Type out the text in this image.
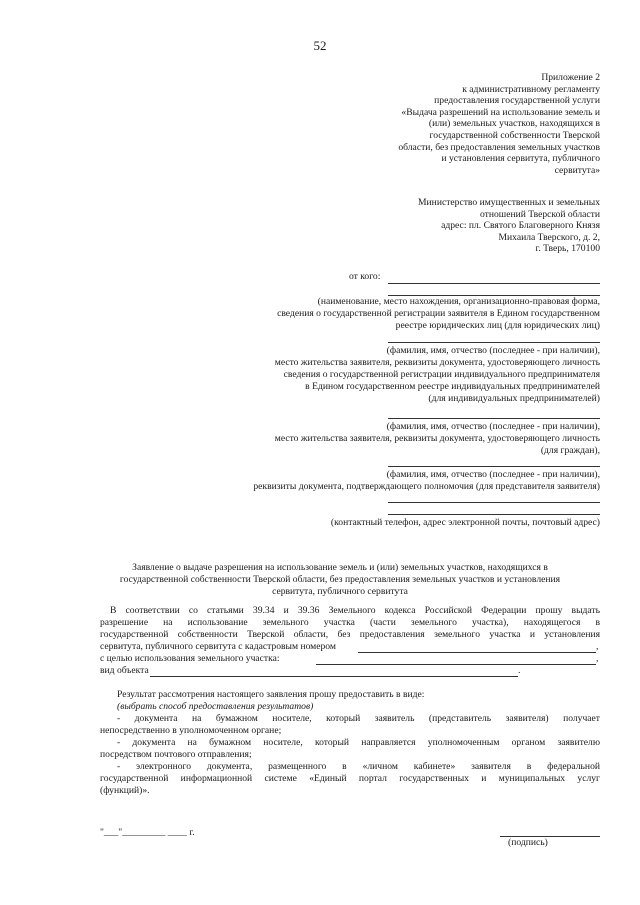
52
Приложение 2
к административному регламенту
предоставления государственной услуги
«Выдача разрешений на использование земель и
(или) земельных участков, находящихся в
государственной собственности Тверской
области, без предоставления земельных участков
и установления сервитута, публичного
сервитута»
Министерство имущественных и земельных
отношений Тверской области
адрес: пл. Святого Благоверного Князя
Михаила Тверского, д. 2,
г. Тверь, 170100
от кого:
(наименование, место нахождения, организационно-правовая форма,
сведения о государственной регистрации заявителя в Едином государственном
реестре юридических лиц (для юридических лиц)
(фамилия, имя, отчество (последнее - при наличии),
место жительства заявителя, реквизиты документа, удостоверяющего личность
сведения о государственной регистрации индивидуального предпринимателя
в Едином государственном реестре индивидуальных предпринимателей
(для индивидуальных предпринимателей)
(фамилия, имя, отчество (последнее - при наличии),
место жительства заявителя, реквизиты документа, удостоверяющего личность
(для граждан),
(фамилия, имя, отчество (последнее - при наличии),
реквизиты документа, подтверждающего полномочия (для представителя заявителя)
(контактный телефон, адрес электронной почты, почтовый адрес)
Заявление о выдаче разрешения на использование земель и (или) земельных участков, находящихся в
государственной собственности Тверской области, без предоставления земельных участков и установления
сервитута, публичного сервитута
В соответствии со статьями 39.34 и 39.36 Земельного кодекса Российской Федерации прошу выдать
разрешение на использование земельного участка (части земельного участка), находящегося в
государственной собственности Тверской области, без предоставления земельного участка и установления
сервитута, публичного сервитута с кадастровым номером	,
с целью использования земельного участка:	,
вид объекта	.
Результат рассмотрения настоящего заявления прошу предоставить в виде:
(выбрать способ предоставления результатов)
- документа на бумажном носителе, который заявитель (представитель заявителя) получает
непосредственно в уполномоченном органе;
- документа на бумажном носителе, который направляется уполномоченным органом заявителю
посредством почтового отправления;
- электронного документа, размещенного в «личном кабинете» заявителя в федеральной
государственной информационной системе «Единый портал государственных и муниципальных услуг
(функций)».
"___"_________ ____ г.
(подпись)
